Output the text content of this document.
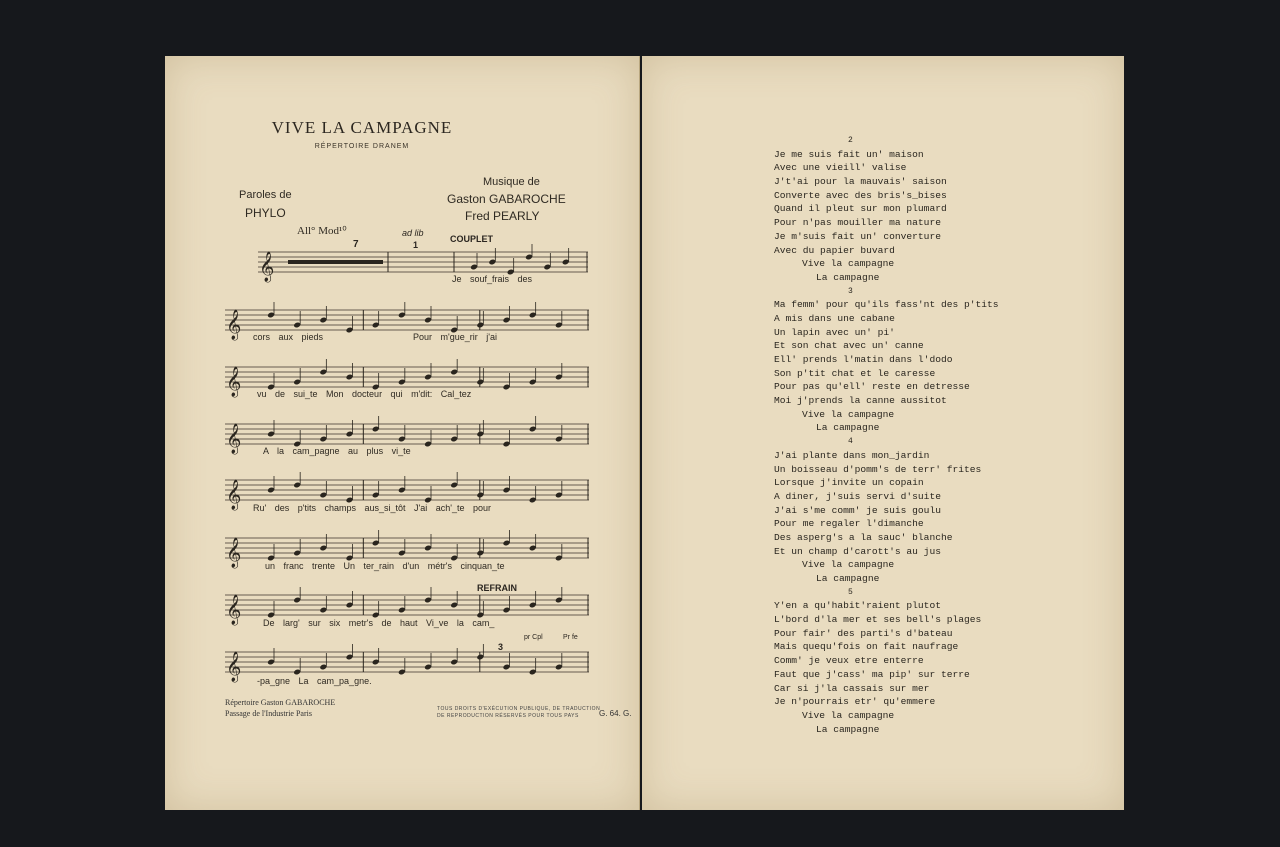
VIVE LA CAMPAGNE
RÉPERTOIRE DRANEM
Paroles de
PHYLO
Musique de
Gaston GABAROCHE
Fred PEARLY
All° Mod¹⁰
7
ad lib
1
COUPLET
REFRAIN
3
pr Cpl	Pr fe
𝄞	Je souf_frais des
𝄞 cors aux pieds	Pour m'gue_rir j'ai
𝄞 vu de sui_te Mon docteur qui m'dit: Cal_tez
𝄞 A la cam_pagne au plus vi_te
𝄞 Ru' des p'tits champs aus_si_tôt J'ai ach'_te pour
𝄞	un franc trente Un ter_rain d'un métr's cinquan_te
𝄞 De larg' sur six metr's de haut Vi_ve la cam_
𝄞 -pa_gne La cam_pa_gne.
Répertoire Gaston GABAROCHE
Passage de l'Industrie Paris	TOUS DROITS D'EXÉCUTION PUBLIQUE, DE TRADUCTION
DE REPRODUCTION RÉSERVÉS POUR TOUS PAYS	G. 64. G.
2
Je me suis fait un' maison
Avec une vieill' valise
J't'ai pour la mauvais' saison
Converte avec des bris's_bises
Quand il pleut sur mon plumard
Pour n'pas mouiller ma nature
Je m'suis fait un' converture
Avec du papier buvard
Vive la campagne
La campagne
3
Ma femm' pour qu'ils fass'nt des p'tits
A mis dans une cabane
Un lapin avec un' pi'
Et son chat avec un' canne
Ell' prends l'matin dans l'dodo
Son p'tit chat et le caresse
Pour pas qu'ell' reste en detresse
Moi j'prends la canne aussitot
Vive la campagne
La campagne
4
J'ai plante dans mon_jardin
Un boisseau d'pomm's de terr' frites
Lorsque j'invite un copain
A diner, j'suis servi d'suite
J'ai s'me comm' je suis goulu
Pour me regaler l'dimanche
Des asperg's a la sauc' blanche
Et un champ d'carott's au jus
Vive la campagne
La campagne
5
Y'en a qu'habit'raient plutot
L'bord d'la mer et ses bell's plages
Pour fair' des parti's d'bateau
Mais quequ'fois on fait naufrage
Comm' je veux etre enterre
Faut que j'cass' ma pip' sur terre
Car si j'la cassais sur mer
Je n'pourrais etr' qu'emmere
Vive la campagne
La campagne
